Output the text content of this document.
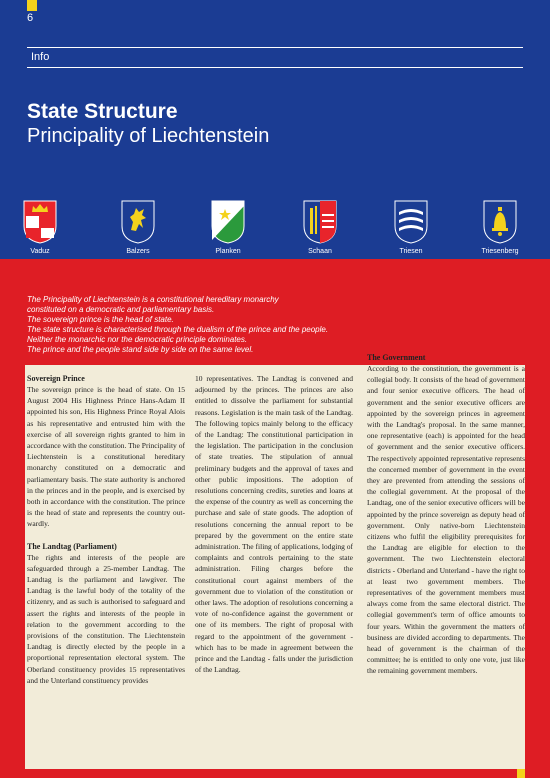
6
Info
State Structure
Principality of Liechtenstein
Vaduz	Balzers	Planken	Schaan	Triesen	Triesenberg
The Principality of Liechtenstein is a constitutional hereditary monarchy
constituted on a democratic and parliamentary basis.
The sovereign prince is the head of state.
The state structure is characterised through the dualism of the prince and the people.
Neither the monarchic nor the democratic principle dominates.
The prince and the people stand side by side on the same level.
Sovereign Prince

The sovereign prince is the head of state. On 15 August 2004 His Highness Prince Hans-Adam II appointed his son, His Highness Prince Royal Alois as his representative and entrusted him with the exercise of all sovereign rights granted to him in accordance with the constitution. The Principality of Liechtenstein is a constitutional hereditary monarchy constituted on a democratic and parliamentary basis. The state authority is anchored in the princes and in the people, and is exercised by both in accordance with the constitution. The prince is the head of state and represents the country out-wardly.

The Landtag (Parliament)

The rights and interests of the people are safeguarded through a 25-member Landtag. The Landtag is the parliament and lawgiver. The Landtag is the lawful body of the totality of the citizenry, and as such is authorised to safeguard and assert the rights and interests of the people in relation to the government according to the provisions of the constitution. The Liechtenstein Landtag is directly elected by the people in a proportional representation electoral system. The Oberland constituency provides 15 representatives and the Unterland constituency provides

10 representatives. The Landtag is convened and adjourned by the princes. The princes are also entitled to dissolve the parliament for substantial reasons. Legislation is the main task of the Landtag. The following topics mainly belong to the efficacy of the Landtag: The constitutional participation in the legislation. The participation in the conclusion of state treaties. The stipulation of annual preliminary budgets and the approval of taxes and other public impositions. The adoption of resolutions concerning credits, sureties and loans at the expense of the country as well as concerning the purchase and sale of state goods. The adoption of resolutions concerning the annual report to be prepared by the government on the entire state administration. The filing of applications, lodging of complaints and controls pertaining to the state administration. Filing charges before the constitutional court against members of the government due to violation of the constitution or other laws. The adoption of resolutions concerning a vote of no-confidence against the government or one of its members. The right of proposal with regard to the appointment of the government - which has to be made in agreement between the prince and the Landtag - falls under the jurisdiction of the Landtag.

The Government

According to the constitution, the government is a collegial body. It consists of the head of government and four senior executive officers. The head of government and the senior executive officers are appointed by the sovereign princes in agreement with the Landtag's proposal. In the same manner, one representative (each) is appointed for the head of government and the senior executive officers. The respectively appointed representative represents the concerned member of government in the event they are prevented from attending the sessions of the collegial government. At the proposal of the Landtag, one of the senior executive officers will be appointed by the prince sovereign as deputy head of government. Only native-born Liechtenstein citizens who fulfil the eligibility prerequisites for the Landtag are eligible for election to the government. The two Liechtenstein electoral districts - Oberland and Unterland - have the right to at least two government members. The representatives of the government members must always come from the same electoral district. The collegial government's term of office amounts to four years. Within the government the matters of business are divided according to departments. The head of government is the chairman of the committee; he is entitled to only one vote, just like the remaining government members.
